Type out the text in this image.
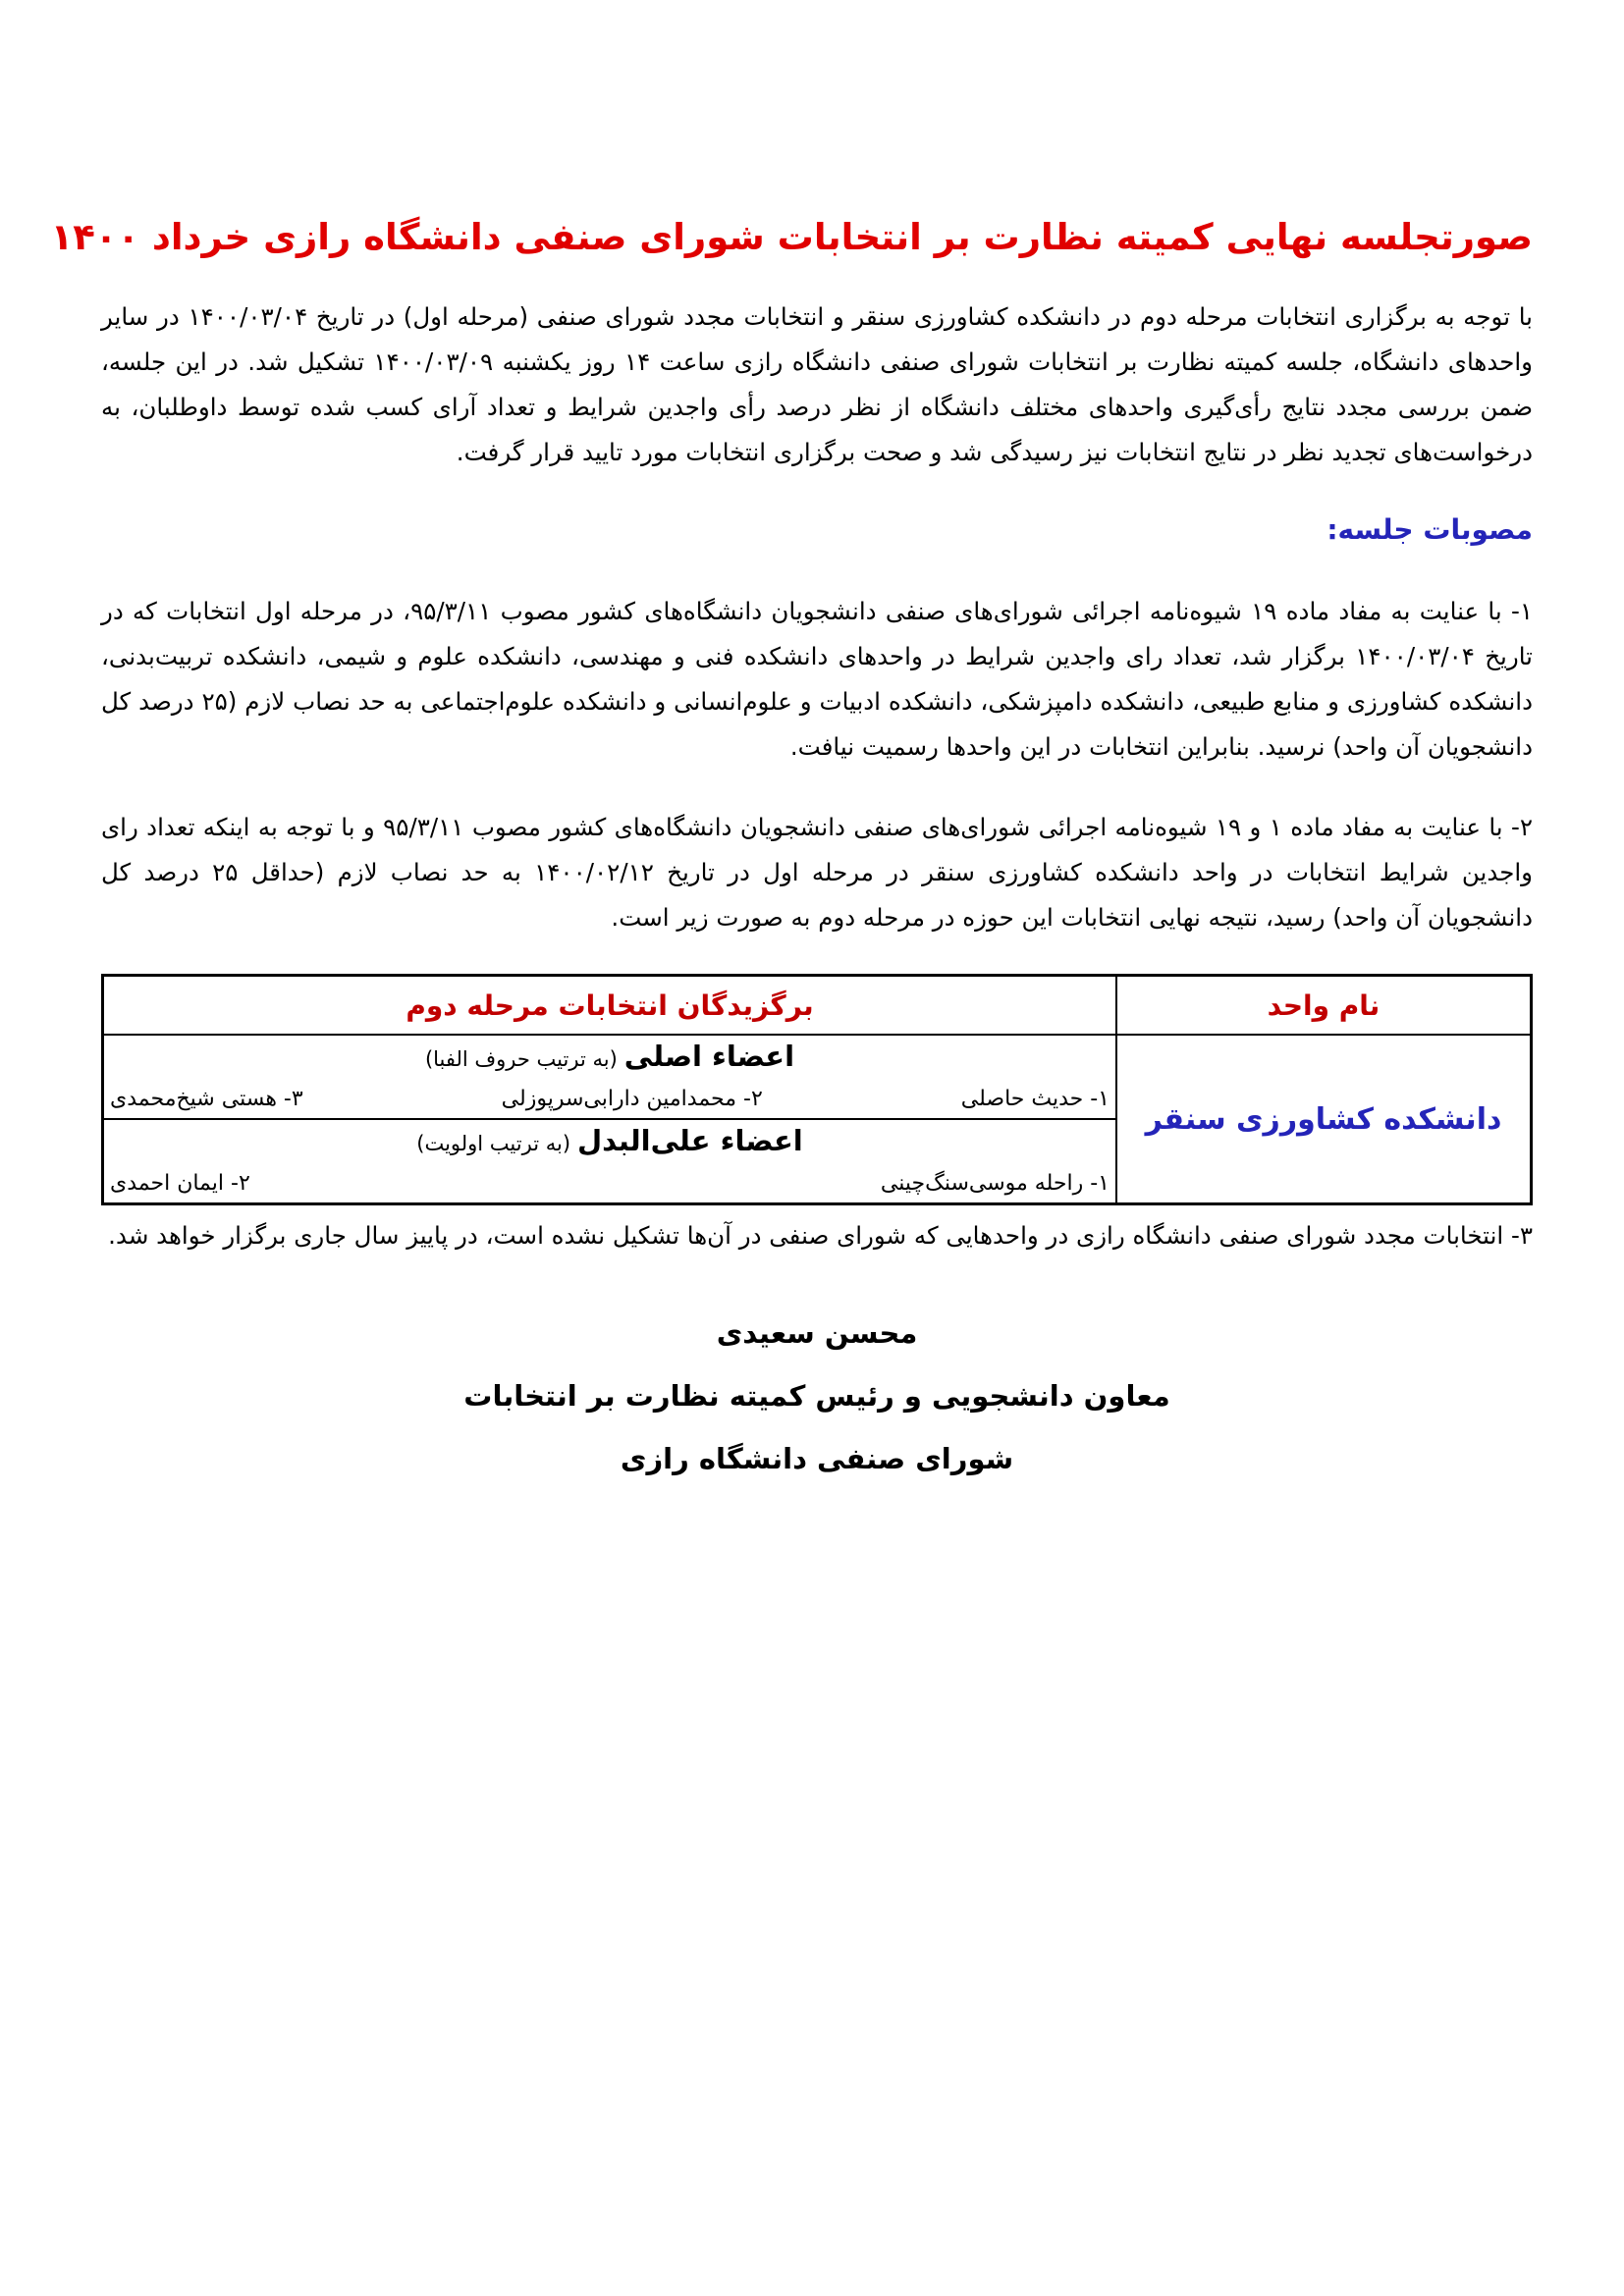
صورتجلسه نهایی کمیته نظارت بر انتخابات شورای صنفی دانشگاه رازی خرداد ۱۴۰۰

با توجه به برگزاری انتخابات مرحله دوم در دانشکده کشاورزی سنقر و انتخابات مجدد شورای صنفی (مرحله اول) در تاریخ ۱۴۰۰/۰۳/۰۴ در سایر واحدهای دانشگاه، جلسه کمیته نظارت بر انتخابات شورای صنفی دانشگاه رازی ساعت ۱۴ روز یکشنبه ۱۴۰۰/۰۳/۰۹ تشکیل شد. در این جلسه، ضمن بررسی مجدد نتایج رأی‌گیری واحدهای مختلف دانشگاه از نظر درصد رأی واجدین شرایط و تعداد آرای کسب شده توسط داوطلبان، به درخواست‌های تجدید نظر در نتایج انتخابات نیز رسیدگی شد و صحت برگزاری انتخابات مورد تایید قرار گرفت.

مصوبات جلسه:

۱- با عنایت به مفاد ماده ۱۹ شیوه‌نامه اجرائی شورای‌های صنفی دانشجویان دانشگاه‌های کشور مصوب ۹۵/۳/۱۱، در مرحله اول انتخابات که در تاریخ ۱۴۰۰/۰۳/۰۴ برگزار شد، تعداد رای واجدین شرایط در واحدهای دانشکده فنی و مهندسی، دانشکده علوم و شیمی، دانشکده تربیت‌بدنی، دانشکده کشاورزی و منابع طبیعی، دانشکده دامپزشکی، دانشکده ادبیات و علوم‌انسانی و دانشکده علوم‌اجتماعی به حد نصاب لازم (۲۵ درصد کل دانشجویان آن واحد) نرسید. بنابراین انتخابات در این واحدها رسمیت نیافت.

۲- با عنایت به مفاد ماده ۱ و ۱۹ شیوه‌نامه اجرائی شورای‌های صنفی دانشجویان دانشگاه‌های کشور مصوب ۹۵/۳/۱۱ و با توجه به اینکه تعداد رای واجدین شرایط انتخابات در واحد دانشکده کشاورزی سنقر در مرحله اول در تاریخ ۱۴۰۰/۰۲/۱۲ به حد نصاب لازم (حداقل ۲۵ درصد کل دانشجویان آن واحد) رسید، نتیجه نهایی انتخابات این حوزه در مرحله دوم به صورت زیر است.

نام واحد	برگزیدگان انتخابات مرحله دوم
دانشکده کشاورزی سنقر	اعضاء اصلی (به ترتیب حروف الفبا)
۱- حدیث حاصلی
۲- محمدامین دارابی‌سرپوزلی
۳- هستی شیخ‌محمدی

	اعضاء علی‌البدل (به ترتیب اولویت)
۱- راحله موسی‌سنگ‌چینی
۲- ایمان احمدی

۳- انتخابات مجدد شورای صنفی دانشگاه رازی در واحدهایی که شورای صنفی در آن‌ها تشکیل نشده است، در پاییز سال جاری برگزار خواهد شد.

محسن سعیدی
معاون دانشجویی و رئیس کمیته نظارت بر انتخابات
شورای صنفی دانشگاه رازی
